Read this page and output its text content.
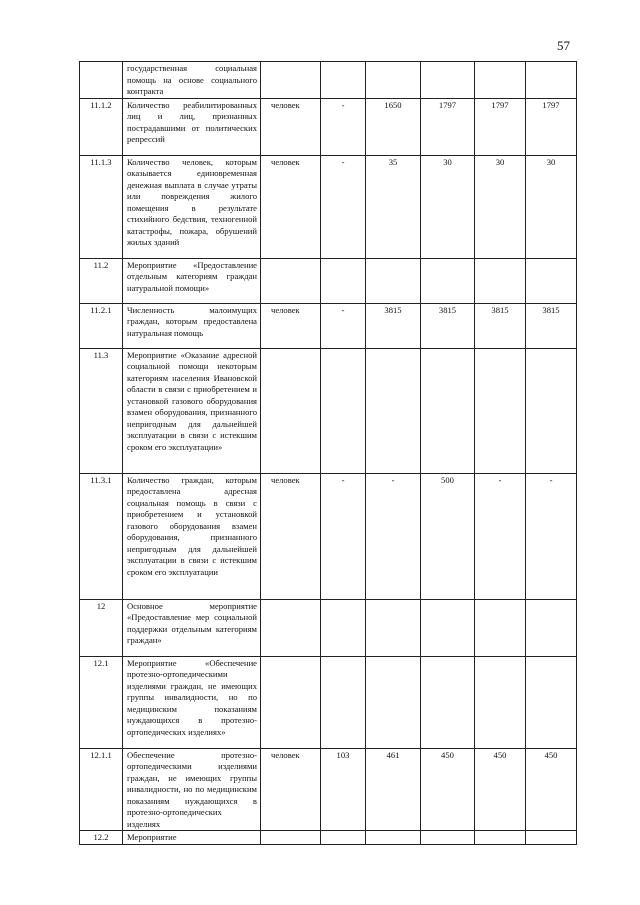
57
	государственная социальная помощь на основе социального контракта						
11.1.2	Количество реабилитированных лиц и лиц, признанных пострадавшими от политических репрессий	человек	-	1650	1797	1797	1797
11.1.3	Количество человек, которым оказывается единовременная денежная выплата в случае утраты или повреждения жилого помещения в результате стихийного бедствия, техногенной катастрофы, пожара, обрушений жилых зданий	человек	-	35	30	30	30
11.2	Мероприятие «Предоставление отдельным категориям граждан натуральной помощи»						
11.2.1	Численность малоимущих граждан, которым предоставлена натуральная помощь	человек	-	3815	3815	3815	3815
11.3	Мероприятие «Оказание адресной социальной помощи некоторым категориям населения Ивановской области в связи с приобретением и установкой газового оборудования взамен оборудования, признанного непригодным для дальнейшей эксплуатации в связи с истекшим сроком его эксплуатации»						
11.3.1	Количество граждан, которым предоставлена адресная социальная помощь в связи с приобретением и установкой газового оборудования взамен оборудования, признанного непригодным для дальнейшей эксплуатации в связи с истекшим сроком его эксплуатации	человек	-	-	500	-	-
12	Основное мероприятие «Предоставление мер социальной поддержки отдельным категориям граждан»						
12.1	Мероприятие «Обеспечение протезно-ортопедическими изделиями граждан, не имеющих группы инвалидности, но по медицинским показаниям нуждающихся в протезно-ортопедических изделиях»						
12.1.1	Обеспечение протезно-ортопедическими изделиями граждан, не имеющих группы инвалидности, но по медицинским показаниям нуждающихся в протезно-ортопедических изделиях	человек	103	461	450	450	450
12.2	Мероприятие						
